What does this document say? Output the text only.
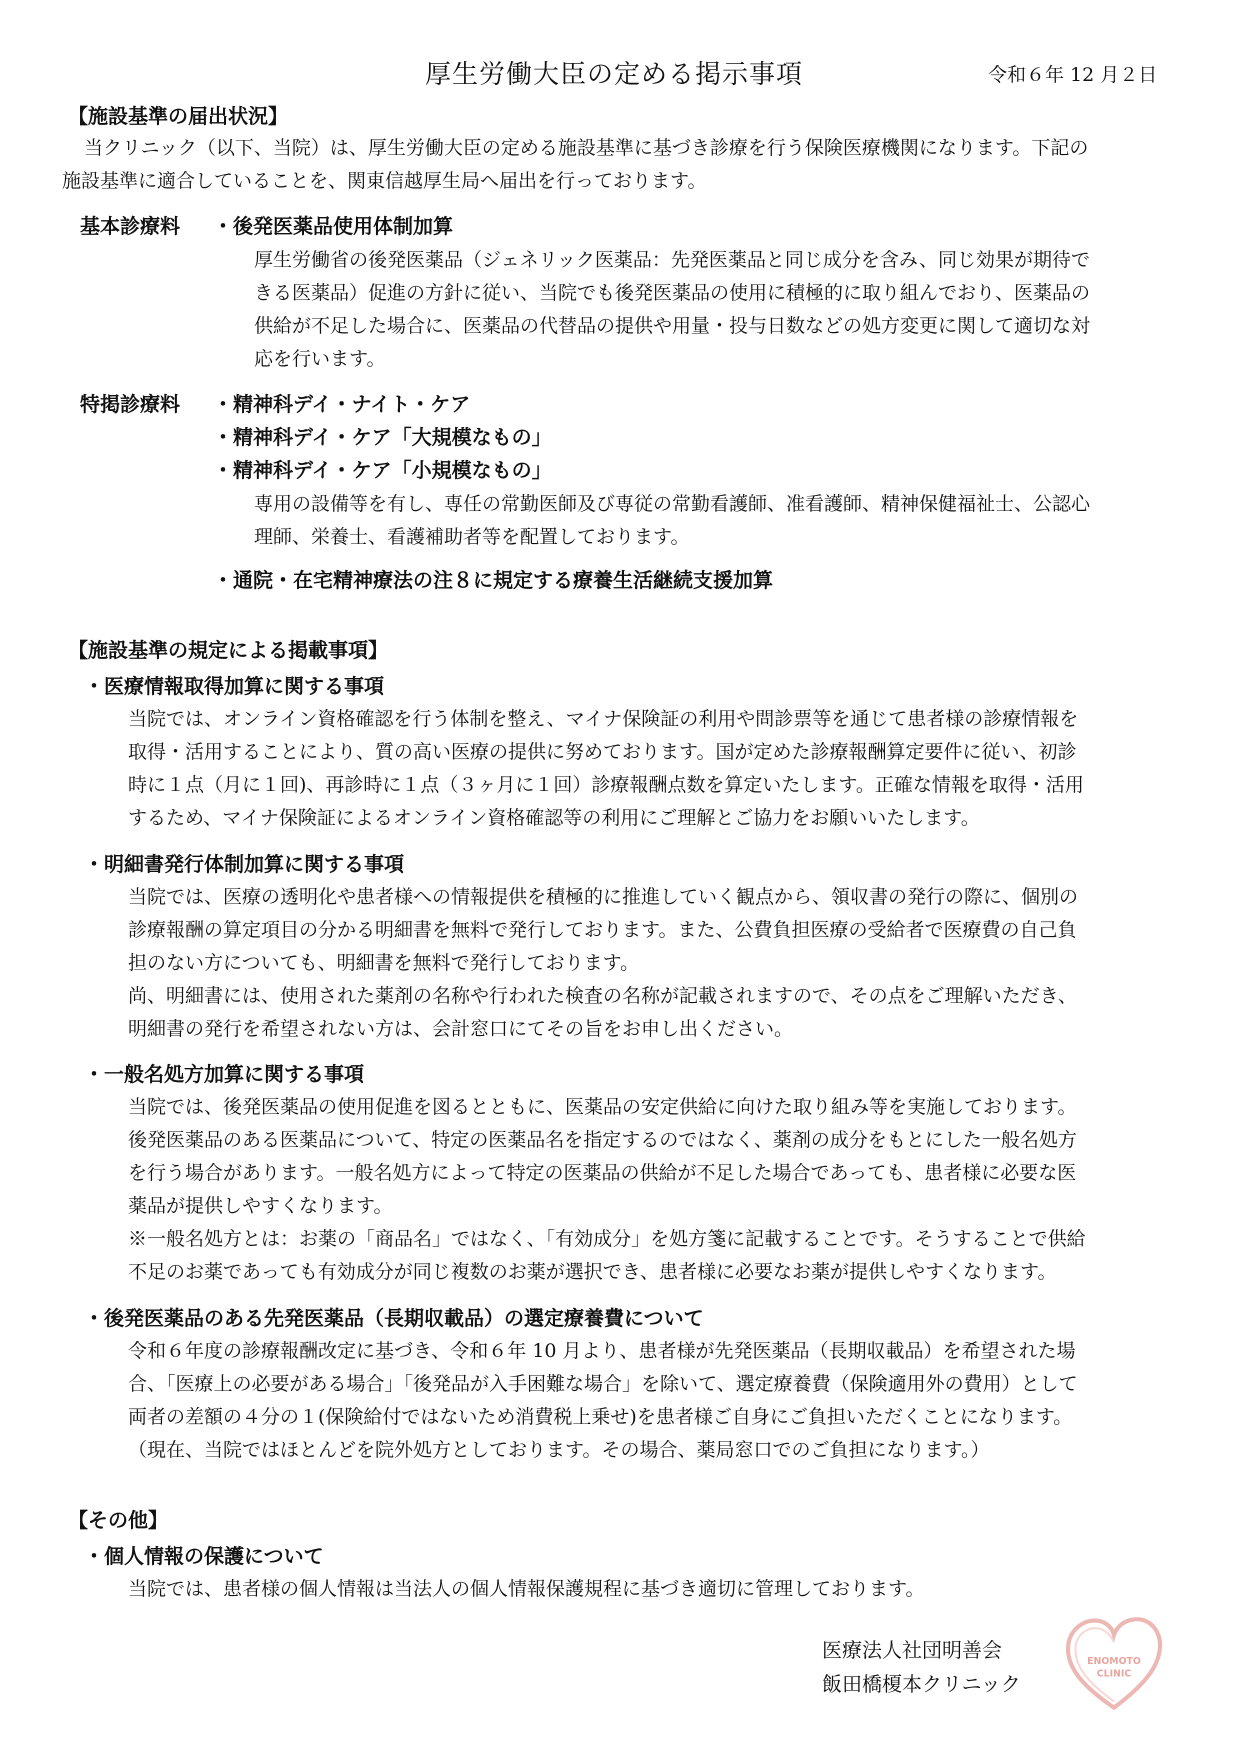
厚生労働大臣の定める掲示事項	令和６年 12 月２日
【施設基準の届出状況】
当クリニック（以下、当院）は、厚生労働大臣の定める施設基準に基づき診療を行う保険医療機関になります。下記の
施設基準に適合していることを、関東信越厚生局へ届出を行っております。
基本診療料 ・後発医薬品使用体制加算
厚生労働省の後発医薬品（ジェネリック医薬品：先発医薬品と同じ成分を含み、同じ効果が期待で
きる医薬品）促進の方針に従い、当院でも後発医薬品の使用に積極的に取り組んでおり、医薬品の
供給が不足した場合に、医薬品の代替品の提供や用量・投与日数などの処方変更に関して適切な対
応を行います。
特掲診療料 ・精神科デイ・ナイト・ケア
・精神科デイ・ケア「大規模なもの」
・精神科デイ・ケア「小規模なもの」
専用の設備等を有し、専任の常勤医師及び専従の常勤看護師、准看護師、精神保健福祉士、公認心
理師、栄養士、看護補助者等を配置しております。
・通院・在宅精神療法の注８に規定する療養生活継続支援加算
【施設基準の規定による掲載事項】
・医療情報取得加算に関する事項
当院では、オンライン資格確認を行う体制を整え、マイナ保険証の利用や問診票等を通じて患者様の診療情報を
取得・活用することにより、質の高い医療の提供に努めております。国が定めた診療報酬算定要件に従い、初診
時に１点（月に１回)、再診時に１点（３ヶ月に１回）診療報酬点数を算定いたします。正確な情報を取得・活用
するため、マイナ保険証によるオンライン資格確認等の利用にご理解とご協力をお願いいたします。
・明細書発行体制加算に関する事項
当院では、医療の透明化や患者様への情報提供を積極的に推進していく観点から、領収書の発行の際に、個別の
診療報酬の算定項目の分かる明細書を無料で発行しております。また、公費負担医療の受給者で医療費の自己負
担のない方についても、明細書を無料で発行しております。
尚、明細書には、使用された薬剤の名称や行われた検査の名称が記載されますので、その点をご理解いただき、
明細書の発行を希望されない方は、会計窓口にてその旨をお申し出ください。
・一般名処方加算に関する事項
当院では、後発医薬品の使用促進を図るとともに、医薬品の安定供給に向けた取り組み等を実施しております。
後発医薬品のある医薬品について、特定の医薬品名を指定するのではなく、薬剤の成分をもとにした一般名処方
を行う場合があります。一般名処方によって特定の医薬品の供給が不足した場合であっても、患者様に必要な医
薬品が提供しやすくなります。
※一般名処方とは：お薬の「商品名」ではなく、「有効成分」を処方箋に記載することです。そうすることで供給
不足のお薬であっても有効成分が同じ複数のお薬が選択でき、患者様に必要なお薬が提供しやすくなります。
・後発医薬品のある先発医薬品（長期収載品）の選定療養費について
令和６年度の診療報酬改定に基づき、令和６年 10 月より、患者様が先発医薬品（長期収載品）を希望された場
合、「医療上の必要がある場合」「後発品が入手困難な場合」を除いて、選定療養費（保険適用外の費用）として
両者の差額の４分の１(保険給付ではないため消費税上乗せ)を患者様ご自身にご負担いただくことになります。
（現在、当院ではほとんどを院外処方としております。その場合、薬局窓口でのご負担になります。）
【その他】
・個人情報の保護について
当院では、患者様の個人情報は当法人の個人情報保護規程に基づき適切に管理しております。
医療法人社団明善会
飯田橋榎本クリニック
ENOMOTO
CLINIC
